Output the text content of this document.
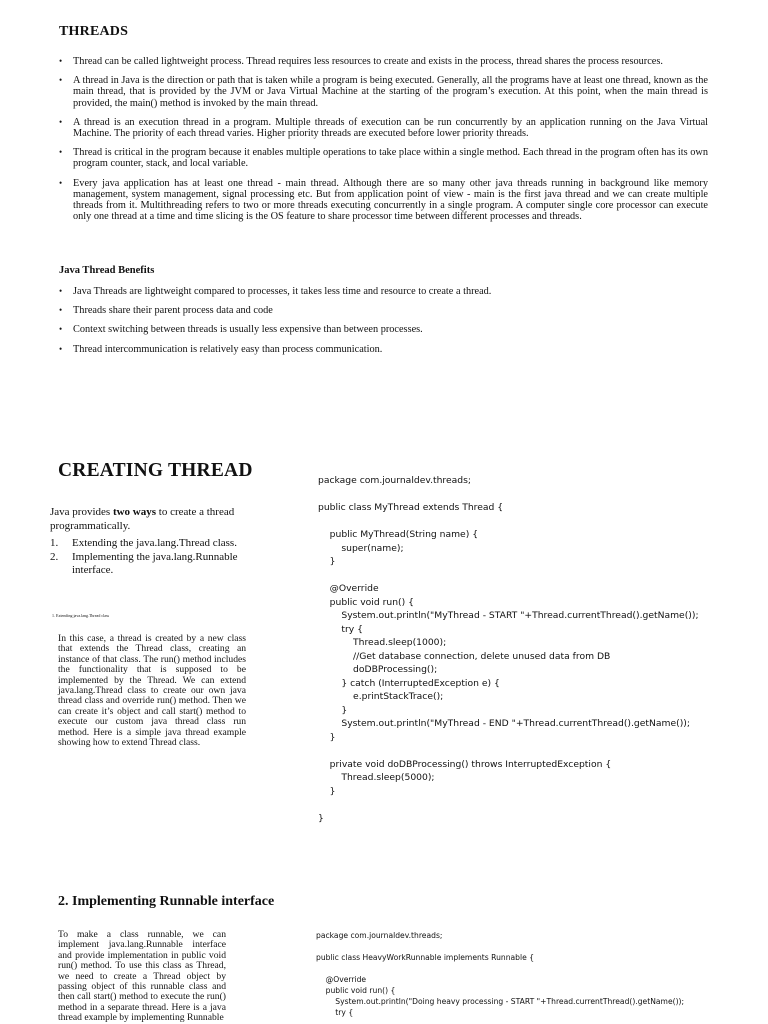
THREADS
• Thread can be called lightweight process. Thread requires less resources to create and exists in the process, thread shares the process resources.
• A thread in Java is the direction or path that is taken while a program is being executed. Generally, all the programs have at least one thread, known as the main thread, that is provided by the JVM or Java Virtual Machine at the starting of the program’s execution. At this point, when the main thread is provided, the main() method is invoked by the main thread.
• A thread is an execution thread in a program. Multiple threads of execution can be run concurrently by an application running on the Java Virtual Machine. The priority of each thread varies. Higher priority threads are executed before lower priority threads.
• Thread is critical in the program because it enables multiple operations to take place within a single method. Each thread in the program often has its own program counter, stack, and local variable.
• Every java application has at least one thread - main thread. Although there are so many other java threads running in background like memory management, system management, signal processing etc. But from application point of view - main is the first java thread and we can create multiple threads from it. Multithreading refers to two or more threads executing concurrently in a single program. A computer single core processor can execute only one thread at a time and time slicing is the OS feature to share processor time between different processes and threads.
Java Thread Benefits
• Java Threads are lightweight compared to processes, it takes less time and resource to create a thread.
• Threads share their parent process data and code
• Context switching between threads is usually less expensive than between processes.
• Thread intercommunication is relatively easy than process communication.
CREATING THREAD
Java provides two ways to create a thread programmatically.
1. Extending the java.lang.Thread class.
2. Implementing the java.lang.Runnable interface.
1. Extending java.lang.Thread class
In this case, a thread is created by a new class that extends the Thread class, creating an instance of that class. The run() method includes the functionality that is supposed to be implemented by the Thread. We can extend java.lang.Thread class to create our own java thread class and override run() method. Then we can create it’s object and call start() method to execute our custom java thread class run method. Here is a simple java thread example showing how to extend Thread class.
package com.journaldev.threads;
public class MyThread extends Thread {
public MyThread(String name) {
super(name);
}
@Override
public void run() {
System.out.println("MyThread - START "+Thread.currentThread().getName());
try {
Thread.sleep(1000);
//Get database connection, delete unused data from DB
doDBProcessing();
} catch (InterruptedException e) {
e.printStackTrace();
}
System.out.println("MyThread - END "+Thread.currentThread().getName());
}
private void doDBProcessing() throws InterruptedException {
Thread.sleep(5000);
}
}
2. Implementing Runnable interface
To make a class runnable, we can implement java.lang.Runnable interface and provide implementation in public void run() method. To use this class as Thread, we need to create a Thread object by passing object of this runnable class and then call start() method to execute the run() method in a separate thread. Here is a java thread example by implementing Runnable
package com.journaldev.threads;
public class HeavyWorkRunnable implements Runnable {
@Override
public void run() {
System.out.println("Doing heavy processing - START "+Thread.currentThread().getName());
try {
